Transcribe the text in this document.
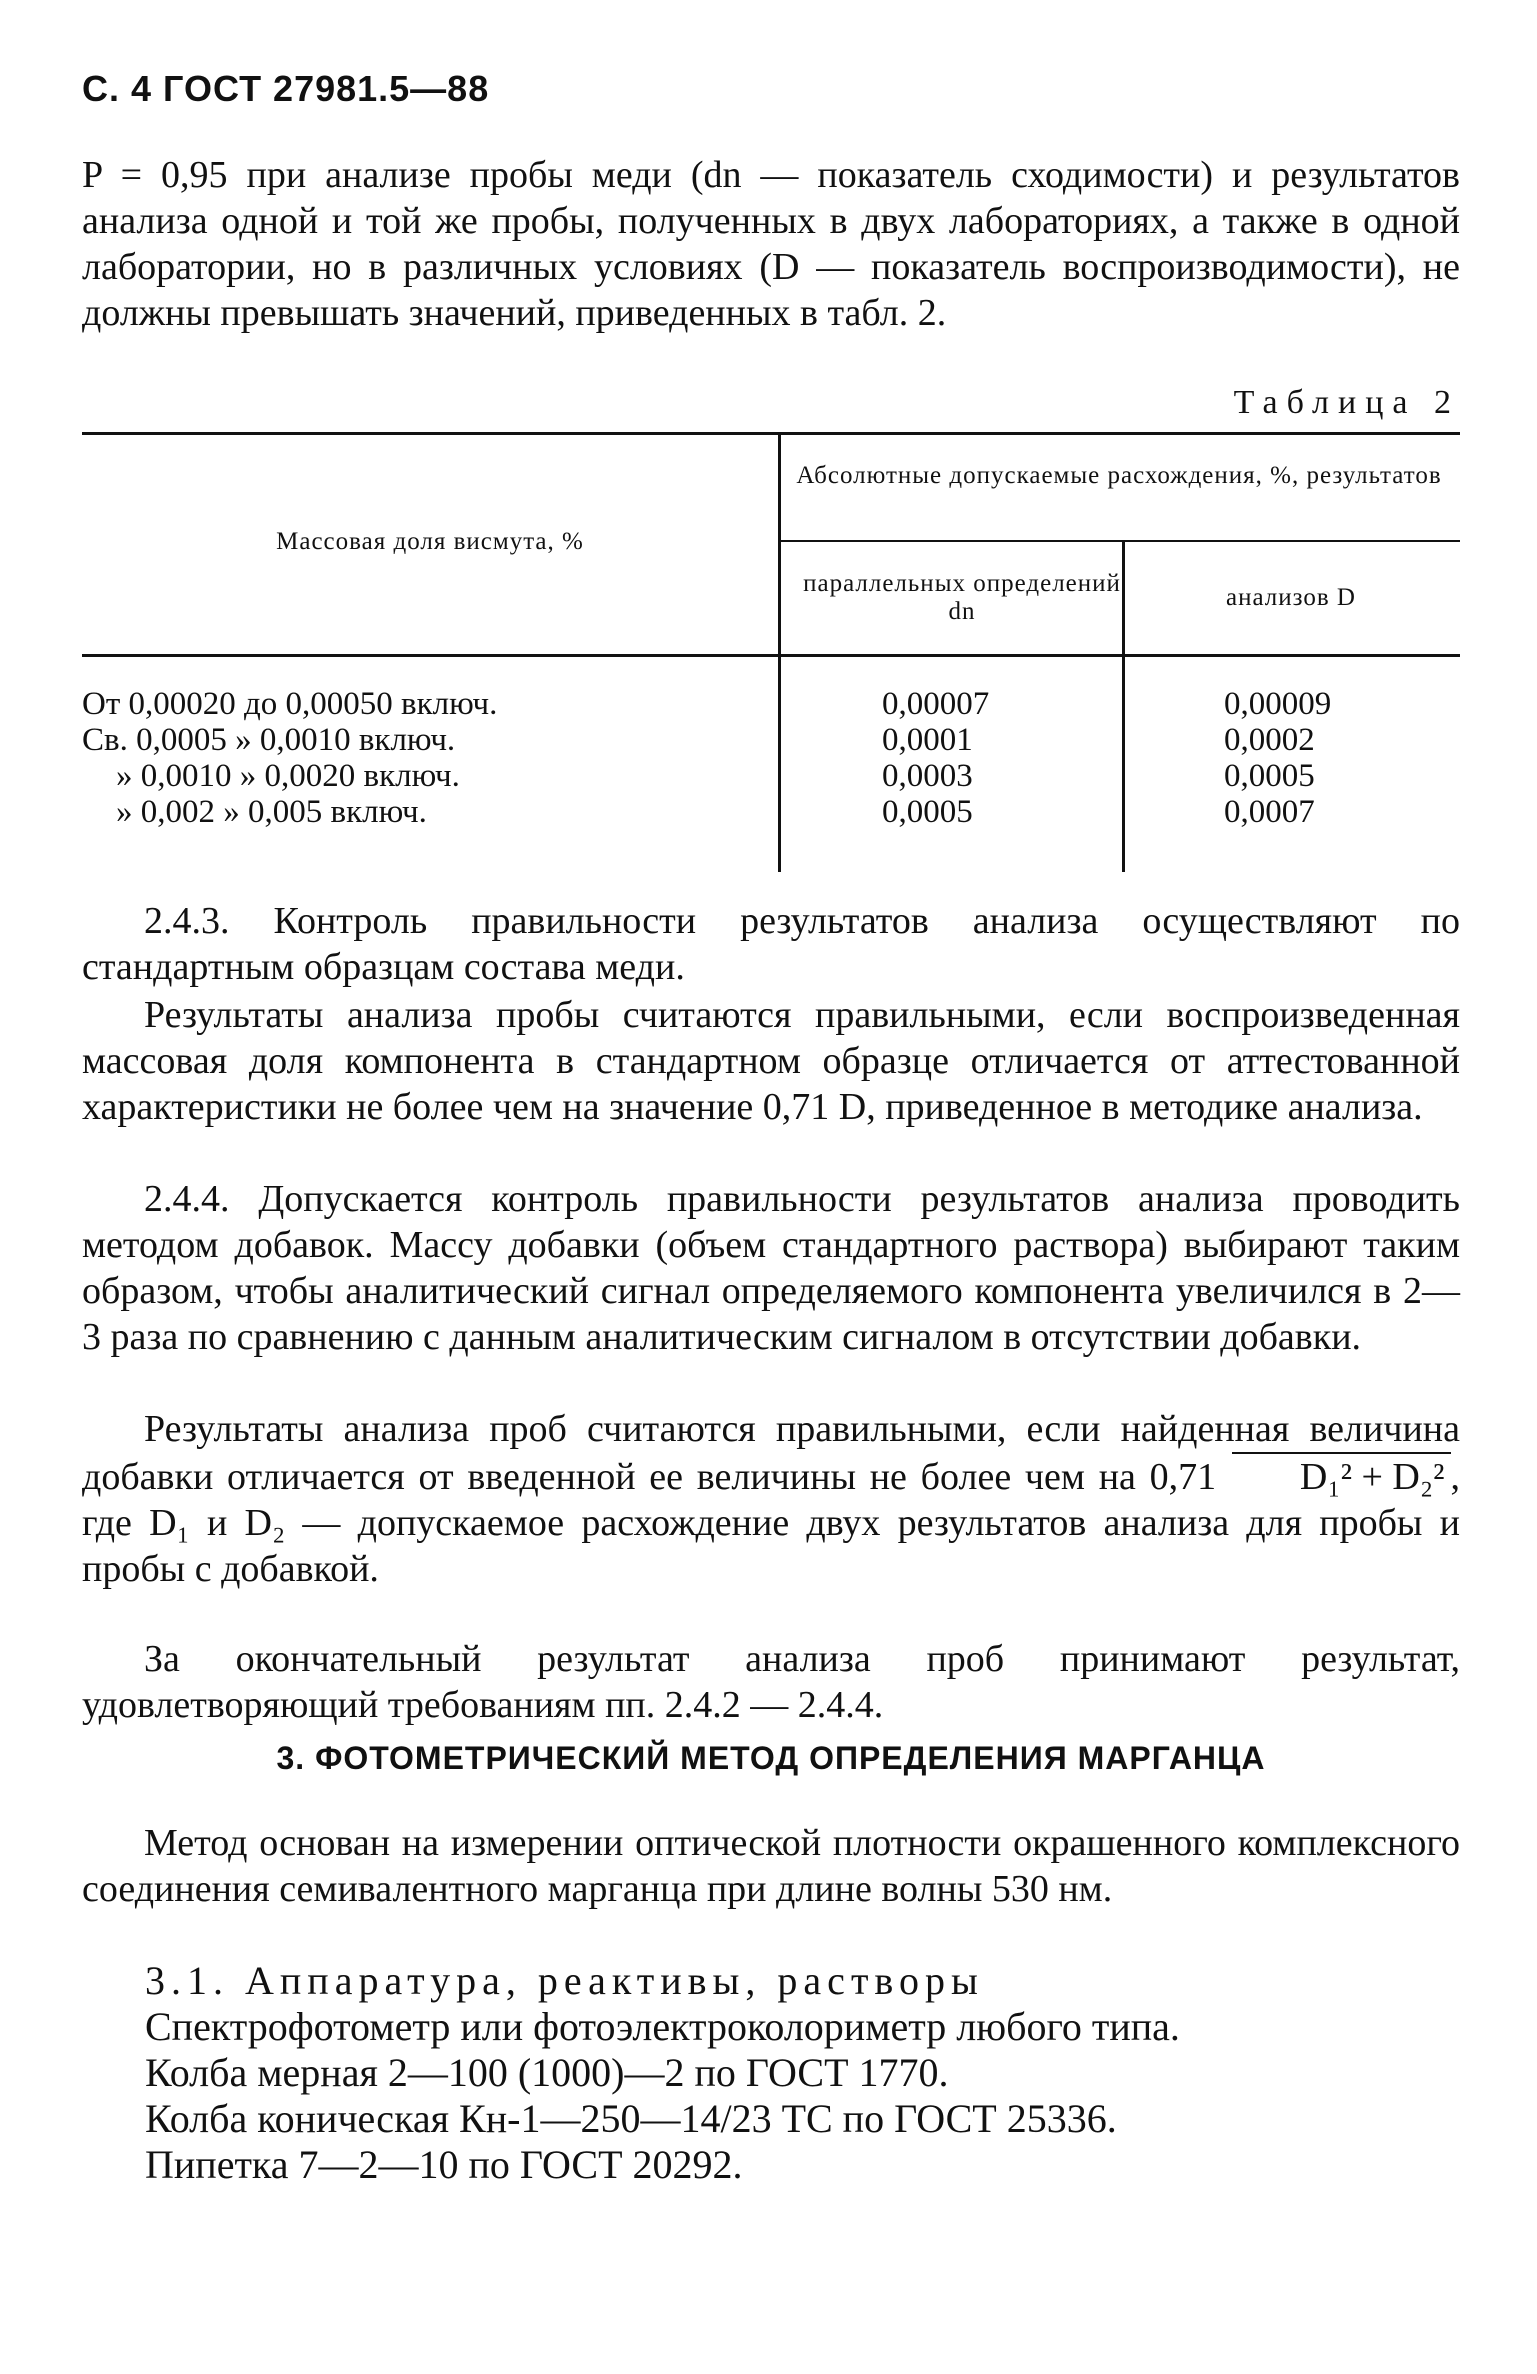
С. 4 ГОСТ 27981.5—88
P = 0,95 при анализе пробы меди (dn — показатель сходимости) и результатов анализа одной и той же пробы, полученных в двух лабораториях, а также в одной лаборатории, но в различных условиях (D — показатель воспроизводимости), не должны превышать значений, приведенных в табл. 2.
Таблица 2
Массовая доля висмута, %
Абсолютные допускаемые расхождения, %, результатов
параллельных определений dn
анализов D
От 0,00020 до 0,00050 включ.	0,00007	0,00009
Св. 0,0005 » 0,0010 включ.	0,0001	0,0002
» 0,0010 » 0,0020 включ.	0,0003	0,0005
» 0,002 » 0,005 включ.	0,0005	0,0007
2.4.3. Контроль правильности результатов анализа осуществляют по стандартным образцам состава меди.
Результаты анализа пробы считаются правильными, если воспроизведенная массовая доля компонента в стандартном образце отличается от аттестованной характеристики не более чем на значение 0,71 D, приведенное в методике анализа.
2.4.4. Допускается контроль правильности результатов анализа проводить методом добавок. Массу добавки (объем стандартного раствора) выбирают таким образом, чтобы аналитический сигнал определяемого компонента увеличился в 2—3 раза по сравнению с данным аналитическим сигналом в отсутствии добавки.
Результаты анализа проб считаются правильными, если найденная величина добавки отличается от введенной ее величины не более чем на 0,71 D₁² + D₂² , где D₁ и D₂ — допускаемое расхождение двух результатов анализа для пробы и пробы с добавкой.
За окончательный результат анализа проб принимают результат, удовлетворяющий требованиям пп. 2.4.2 — 2.4.4.
3. ФОТОМЕТРИЧЕСКИЙ МЕТОД ОПРЕДЕЛЕНИЯ МАРГАНЦА
Метод основан на измерении оптической плотности окрашенного комплексного соединения семивалентного марганца при длине волны 530 нм.
3.1. Аппаратура, реактивы, растворы
Спектрофотометр или фотоэлектроколориметр любого типа.
Колба мерная 2—100 (1000)—2 по ГОСТ 1770.
Колба коническая Кн-1—250—14/23 ТС по ГОСТ 25336.
Пипетка 7—2—10 по ГОСТ 20292.
